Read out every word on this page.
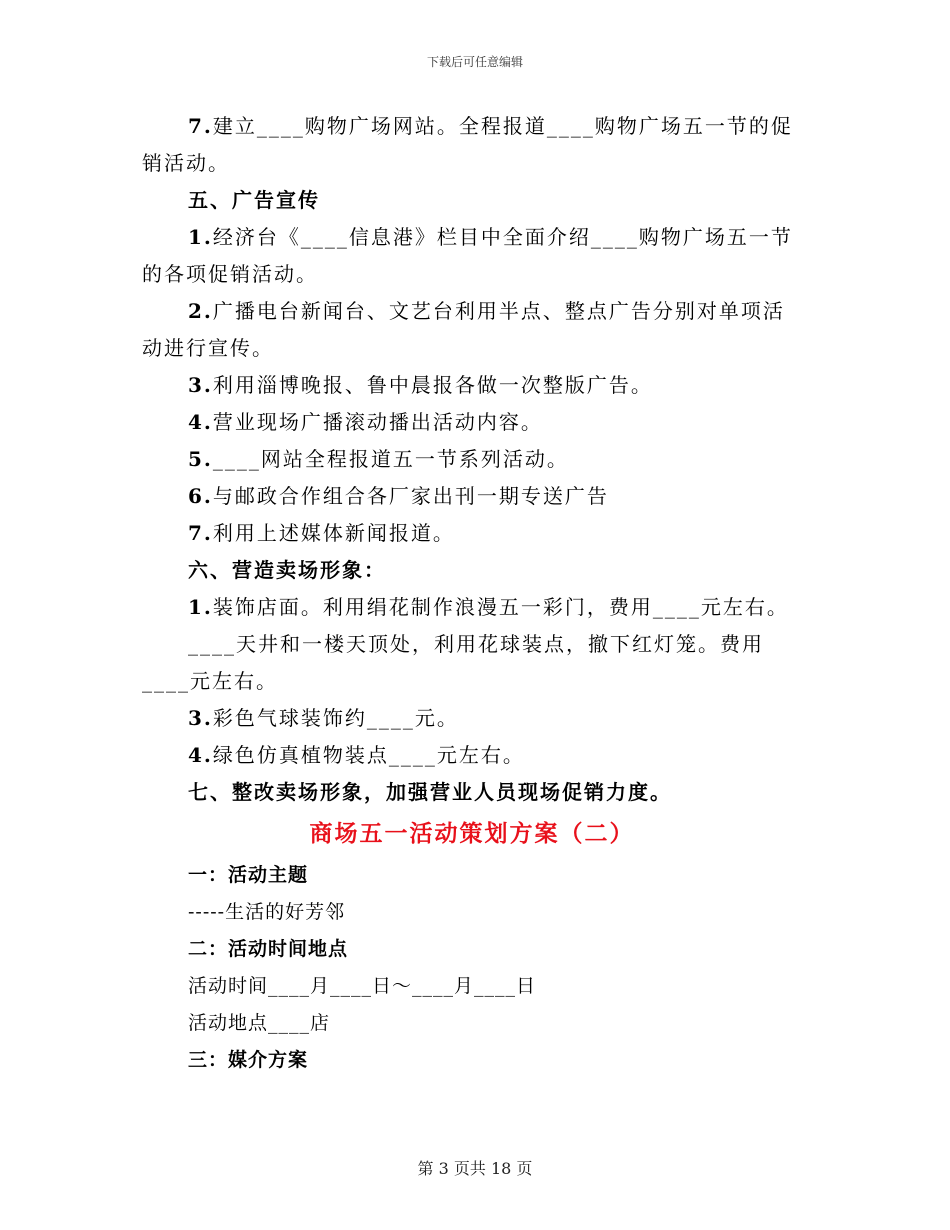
下载后可任意编辑
7.建立____购物广场网站。全程报道____购物广场五一节的促销活动。
五、广告宣传
1.经济台《____信息港》栏目中全面介绍____购物广场五一节的各项促销活动。
2.广播电台新闻台、文艺台利用半点、整点广告分别对单项活动进行宣传。
3.利用淄博晚报、鲁中晨报各做一次整版广告。
4.营业现场广播滚动播出活动内容。
5.____网站全程报道五一节系列活动。
6.与邮政合作组合各厂家出刊一期专送广告
7.利用上述媒体新闻报道。
六、营造卖场形象：
1.装饰店面。利用绢花制作浪漫五一彩门，费用____元左右。
____天井和一楼天顶处，利用花球装点，撤下红灯笼。费用____元左右。
3.彩色气球装饰约____元。
4.绿色仿真植物装点____元左右。
七、整改卖场形象，加强营业人员现场促销力度。
商场五一活动策划方案（二）
一：活动主题
-----生活的好芳邻
二：活动时间地点
活动时间____月____日～____月____日
活动地点____店
三：媒介方案
第 3 页共 18 页
